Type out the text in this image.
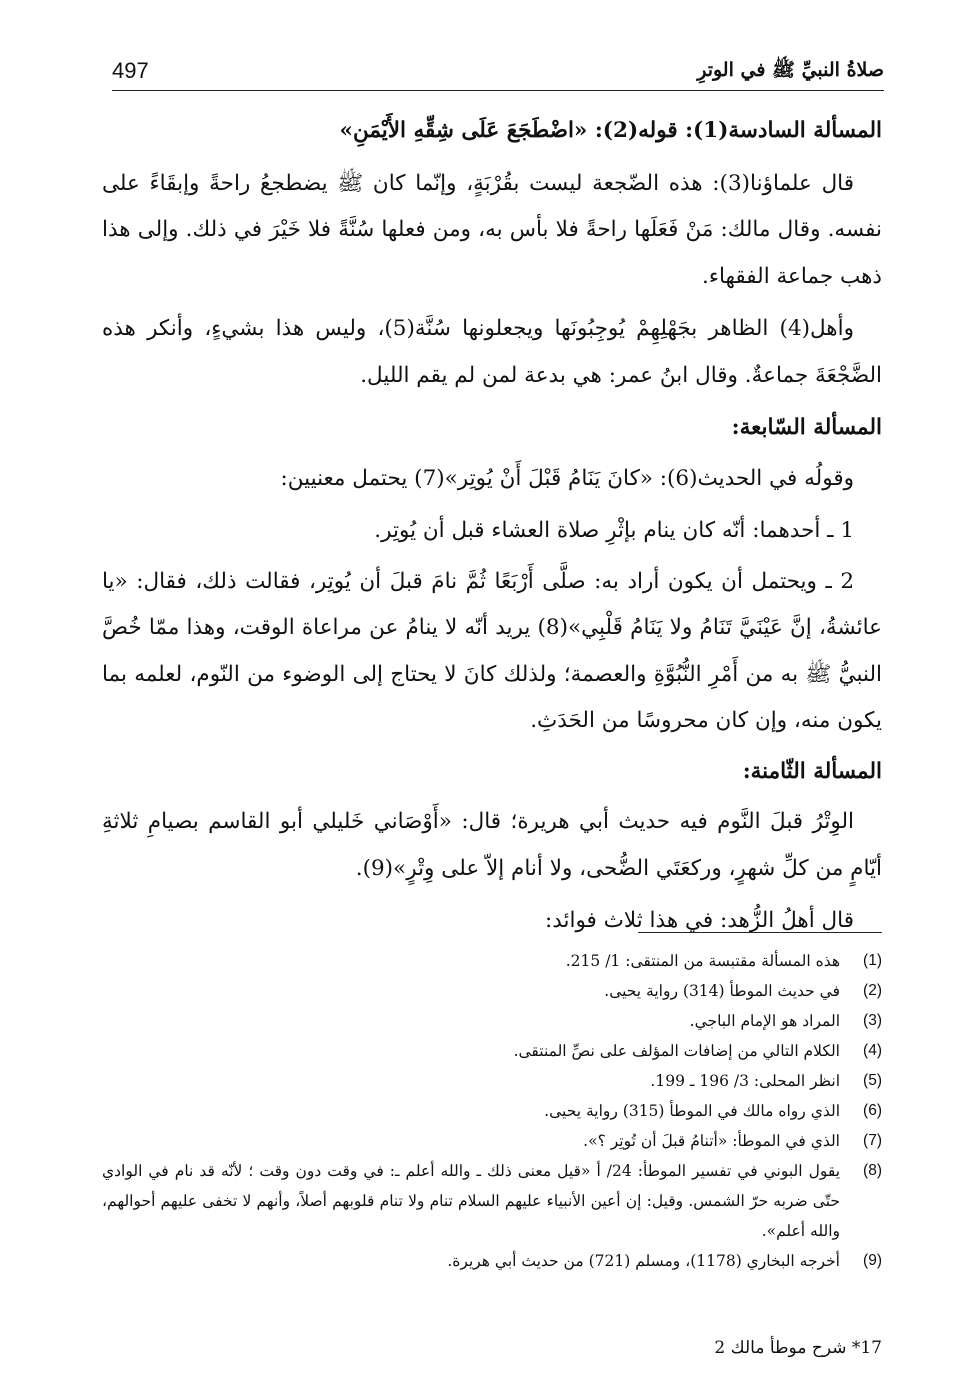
صلاةُ النبيِّ ﷺ في الوترِ
497

المسألة السادسة(1): قوله(2): «اضْطَجَعَ عَلَى شِقِّهِ الأَيْمَنِ»

قال علماؤنا(3): هذه الضّجعة ليست بقُرْبَةٍ، وإنّما كان ﷺ يضطجعُ راحةً وإبقَاءً على نفسه. وقال مالك: مَنْ فَعَلَها راحةً فلا بأس به، ومن فعلها سُنَّةً فلا خَيْرَ في ذلك. وإلى هذا ذهب جماعة الفقهاء.

وأهل(4) الظاهر بجَهْلِهِمْ يُوجِبُونَها ويجعلونها سُنَّة(5)، وليس هذا بشيءٍ، وأنكر هذه الضَّجْعَةَ جماعةٌ. وقال ابنُ عمر: هي بدعة لمن لم يقم الليل.

المسألة السّابعة:

وقولُه في الحديث(6): «كانَ يَنَامُ قَبْلَ أَنْ يُوتِر»(7) يحتمل معنيين:

1 ـ أحدهما: أنّه كان ينام بإثْرِ صلاة العشاء قبل أن يُوتِر.

2 ـ ويحتمل أن يكون أراد به: صلَّى أَرْبَعًا ثُمَّ نامَ قبلَ أن يُوتِر، فقالت ذلك، فقال: «يا عائشةُ، إنَّ عَيْنَيَّ تَنَامُ ولا يَنَامُ قَلْبِي»(8) يريد أنّه لا ينامُ عن مراعاة الوقت، وهذا ممّا خُصَّ النبيُّ ﷺ به من أَمْرِ النُّبُوَّةِ والعصمة؛ ولذلك كانَ لا يحتاج إلى الوضوء من النّوم، لعلمه بما يكون منه، وإن كان محروسًا من الحَدَثِ.

المسألة الثّامنة:

الوِتْرُ قبلَ النَّوم فيه حديث أبي هريرة؛ قال: «أَوْصَاني خَليلي أبو القاسم بصيامِ ثلاثةِ أيّامٍ من كلِّ شهرٍ، وركعَتَي الضُّحى، ولا أنام إلاّ على وِتْرٍ»(9).

قال أهلُ الزُّهد: في هذا ثلاث فوائد:

(1)
هذه المسألة مقتبسة من المنتقى: 1/ 215.
(2)
في حديث الموطأ (314) رواية يحيى.
(3)
المراد هو الإمام الباجي.
(4)
الكلام التالي من إضافات المؤلف على نصِّ المنتقى.
(5)
انظر المحلى: 3/ 196 ـ 199.
(6)
الذي رواه مالك في الموطأ (315) رواية يحيى.
(7)
الذي في الموطأ: «أتنامُ قبلَ أن تُوتِر ؟».
(8)
يقول البوني في تفسير الموطأ: 24/ أ «قيل معنى ذلك ـ والله أعلم ـ: في وقت دون وقت ؛ لأنّه قد نام في الوادي حتّى ضربه حرّ الشمس. وقيل: إن أعين الأنبياء عليهم السلام تنام ولا تنام قلوبهم أصلاً، وأنهم لا تخفى عليهم أحوالهم، والله أعلم».
(9)
أخرجه البخاري (1178)، ومسلم (721) من حديث أبي هريرة.
17* شرح موطأ مالك 2
